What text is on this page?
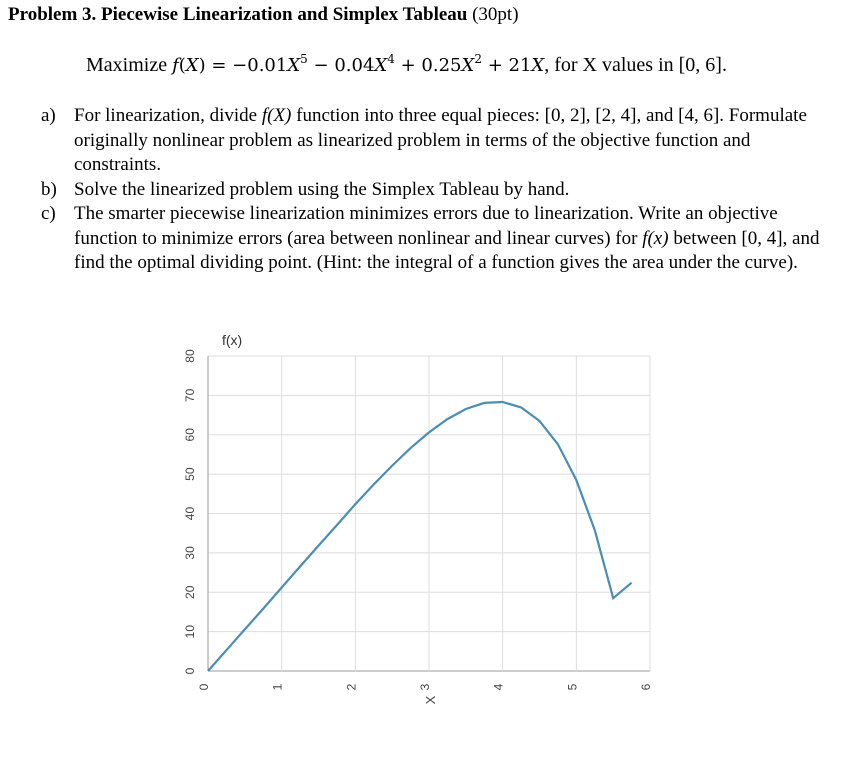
Problem 3. Piecewise Linearization and Simplex Tableau (30pt)
Maximize $f(X) = -0.01X^5 - 0.04X^4 + 0.25X^2 + 21X$, for X values in [0, 6].
a) For linearization, divide f(X) function into three equal pieces: [0, 2], [2, 4], and [4, 6]. Formulate originally nonlinear problem as linearized problem in terms of the objective function and constraints.
b) Solve the linearized problem using the Simplex Tableau by hand.
c) The smarter piecewise linearization minimizes errors due to linearization. Write an objective function to minimize errors (area between nonlinear and linear curves) for f(x) between [0, 4], and find the optimal dividing point. (Hint: the integral of a function gives the area under the curve).
0
10
20
30
40
50
60
70
80
0	1	2	3	4	5	6
f(x)
X
